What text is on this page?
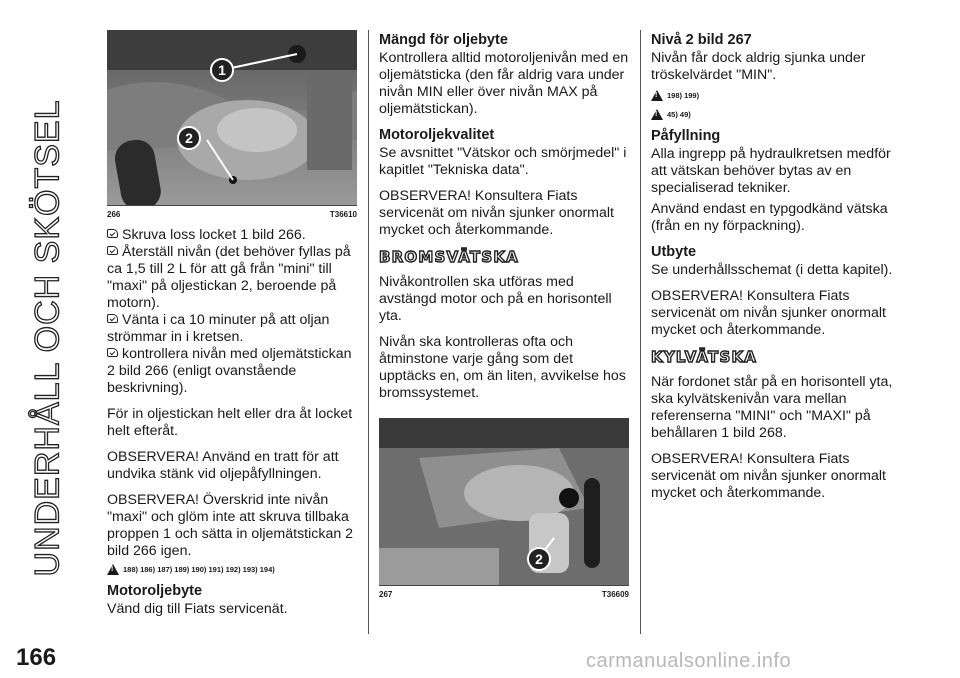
UNDERHÅLL OCH SKÖTSEL
166	carmanualsonline.info
1
2
266	T36610

Skruva loss locket 1 bild 266.

Återställ nivån (det behöver fyllas på ca 1,5 till 2 L för att gå från "mini" till "maxi" på oljestickan 2, beroende på motorn).

Vänta i ca 10 minuter på att oljan strömmar in i kretsen.

kontrollera nivån med oljemätstickan 2 bild 266 (enligt ovanstående beskrivning).

För in oljestickan helt eller dra åt locket helt efteråt.

OBSERVERA! Använd en tratt för att undvika stänk vid oljepåfyllningen.

OBSERVERA! Överskrid inte nivån "maxi" och glöm inte att skruva tillbaka proppen 1 och sätta in oljemätstickan 2 bild 266 igen.

!
188) 186) 187) 189) 190) 191) 192) 193) 194)
Motoroljebyte

Vänd dig till Fiats servicenät.

Mängd för oljebyte

Kontrollera alltid motoroljenivån med en oljemätsticka (den får aldrig vara under nivån MIN eller över nivån MAX på oljemätstickan).

Motoroljekvalitet

Se avsnittet "Vätskor och smörjmedel" i kapitlet "Tekniska data".

OBSERVERA! Konsultera Fiats servicenät om nivån sjunker onormalt mycket och återkommande.

BROMSVÄTSKA

Nivåkontrollen ska utföras med avstängd motor och på en horisontell yta.

Nivån ska kontrolleras ofta och åtminstone varje gång som det upptäcks en, om än liten, avvikelse hos bromssystemet.

2
267	T36609
Nivå 2 bild 267

Nivån får dock aldrig sjunka under tröskelvärdet "MIN".

!
198) 199)
!
45) 49)
Påfyllning

Alla ingrepp på hydraulkretsen medför att vätskan behöver bytas av en specialiserad tekniker.

Använd endast en typgodkänd vätska (från en ny förpackning).

Utbyte

Se underhållsschemat (i detta kapitel).

OBSERVERA! Konsultera Fiats servicenät om nivån sjunker onormalt mycket och återkommande.

KYLVÄTSKA

När fordonet står på en horisontell yta, ska kylvätskenivån vara mellan referenserna "MINI" och "MAXI" på behållaren 1 bild 268.

OBSERVERA! Konsultera Fiats servicenät om nivån sjunker onormalt mycket och återkommande.
